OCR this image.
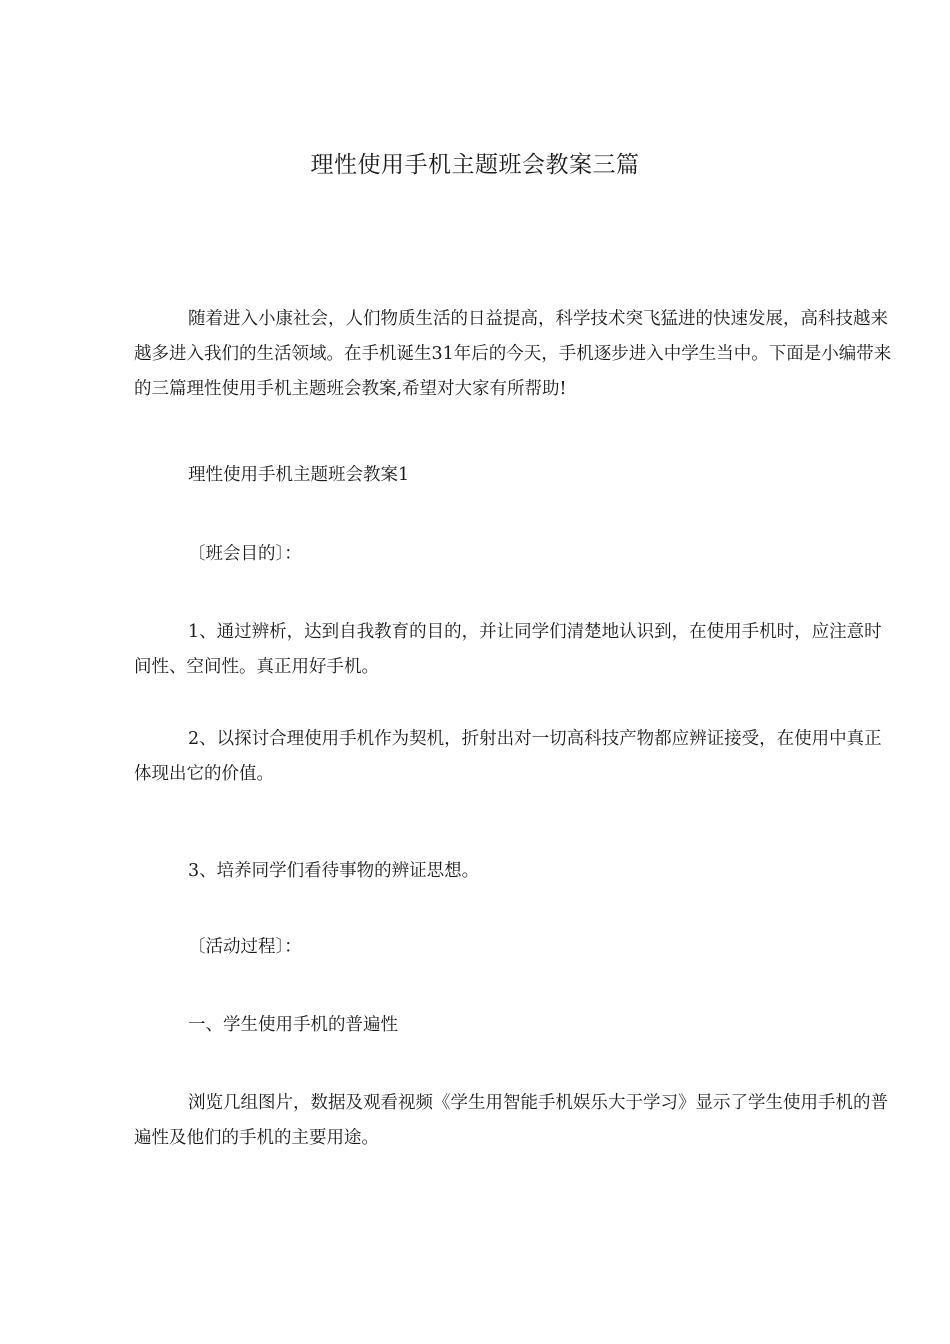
理性使用手机主题班会教案三篇

随着进入小康社会，人们物质生活的日益提高，科学技术突飞猛进的快速发展，高科技越来越多进入我们的生活领域。在手机诞生31年后的今天，手机逐步进入中学生当中。下面是小编带来的三篇理性使用手机主题班会教案,希望对大家有所帮助!

理性使用手机主题班会教案1

〔班会目的〕：

1、通过辨析，达到自我教育的目的，并让同学们清楚地认识到，在使用手机时，应注意时间性、空间性。真正用好手机。

2、以探讨合理使用手机作为契机，折射出对一切高科技产物都应辨证接受，在使用中真正体现出它的价值。

3、培养同学们看待事物的辨证思想。

〔活动过程〕：

一、学生使用手机的普遍性

浏览几组图片，数据及观看视频《学生用智能手机娱乐大于学习》显示了学生使用手机的普遍性及他们的手机的主要用途。
